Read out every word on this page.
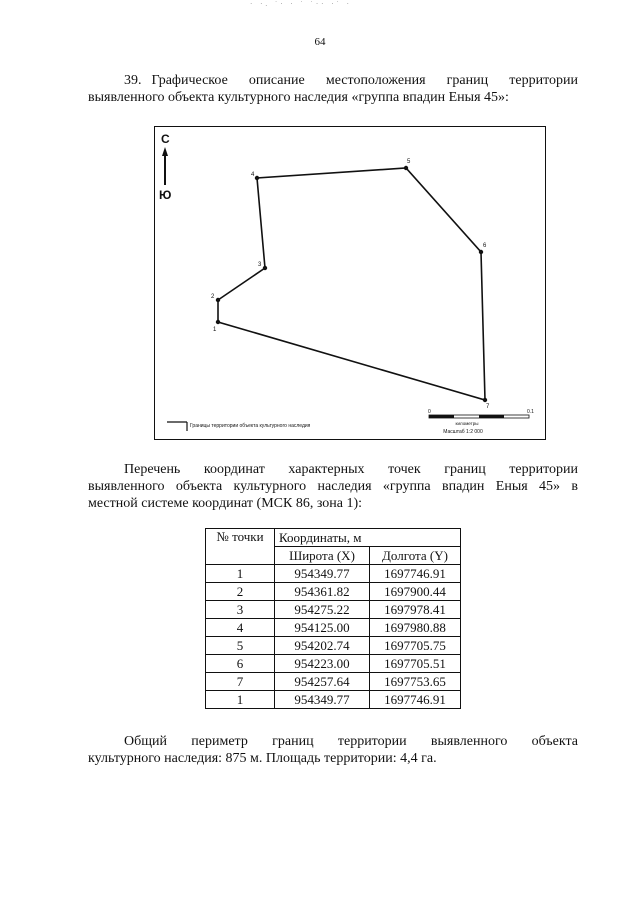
· ·. ˙· · ˙ ˙·· ·˙ ·
64
39. Графическое описание местоположения границ территории
выявленного объекта культурного наследия «группа впадин Еныя 45»:
С
Ю
1
2
3
4
5
6
7
Границы территории объекта культурного наследия
0	0.1
километры
Масштаб 1:2 000
Перечень координат характерных точек границ территории
выявленного объекта культурного наследия «группа впадин Еныя 45» в
местной системе координат (МСК 86, зона 1):
№ точки	Координаты, м	
	Широта (X)	Долгота (Y)
1	954349.77	1697746.91
2	954361.82	1697900.44
3	954275.22	1697978.41
4	954125.00	1697980.88
5	954202.74	1697705.75
6	954223.00	1697705.51
7	954257.64	1697753.65
1	954349.77	1697746.91
Общий периметр границ территории выявленного объекта
культурного наследия: 875 м. Площадь территории: 4,4 га.
